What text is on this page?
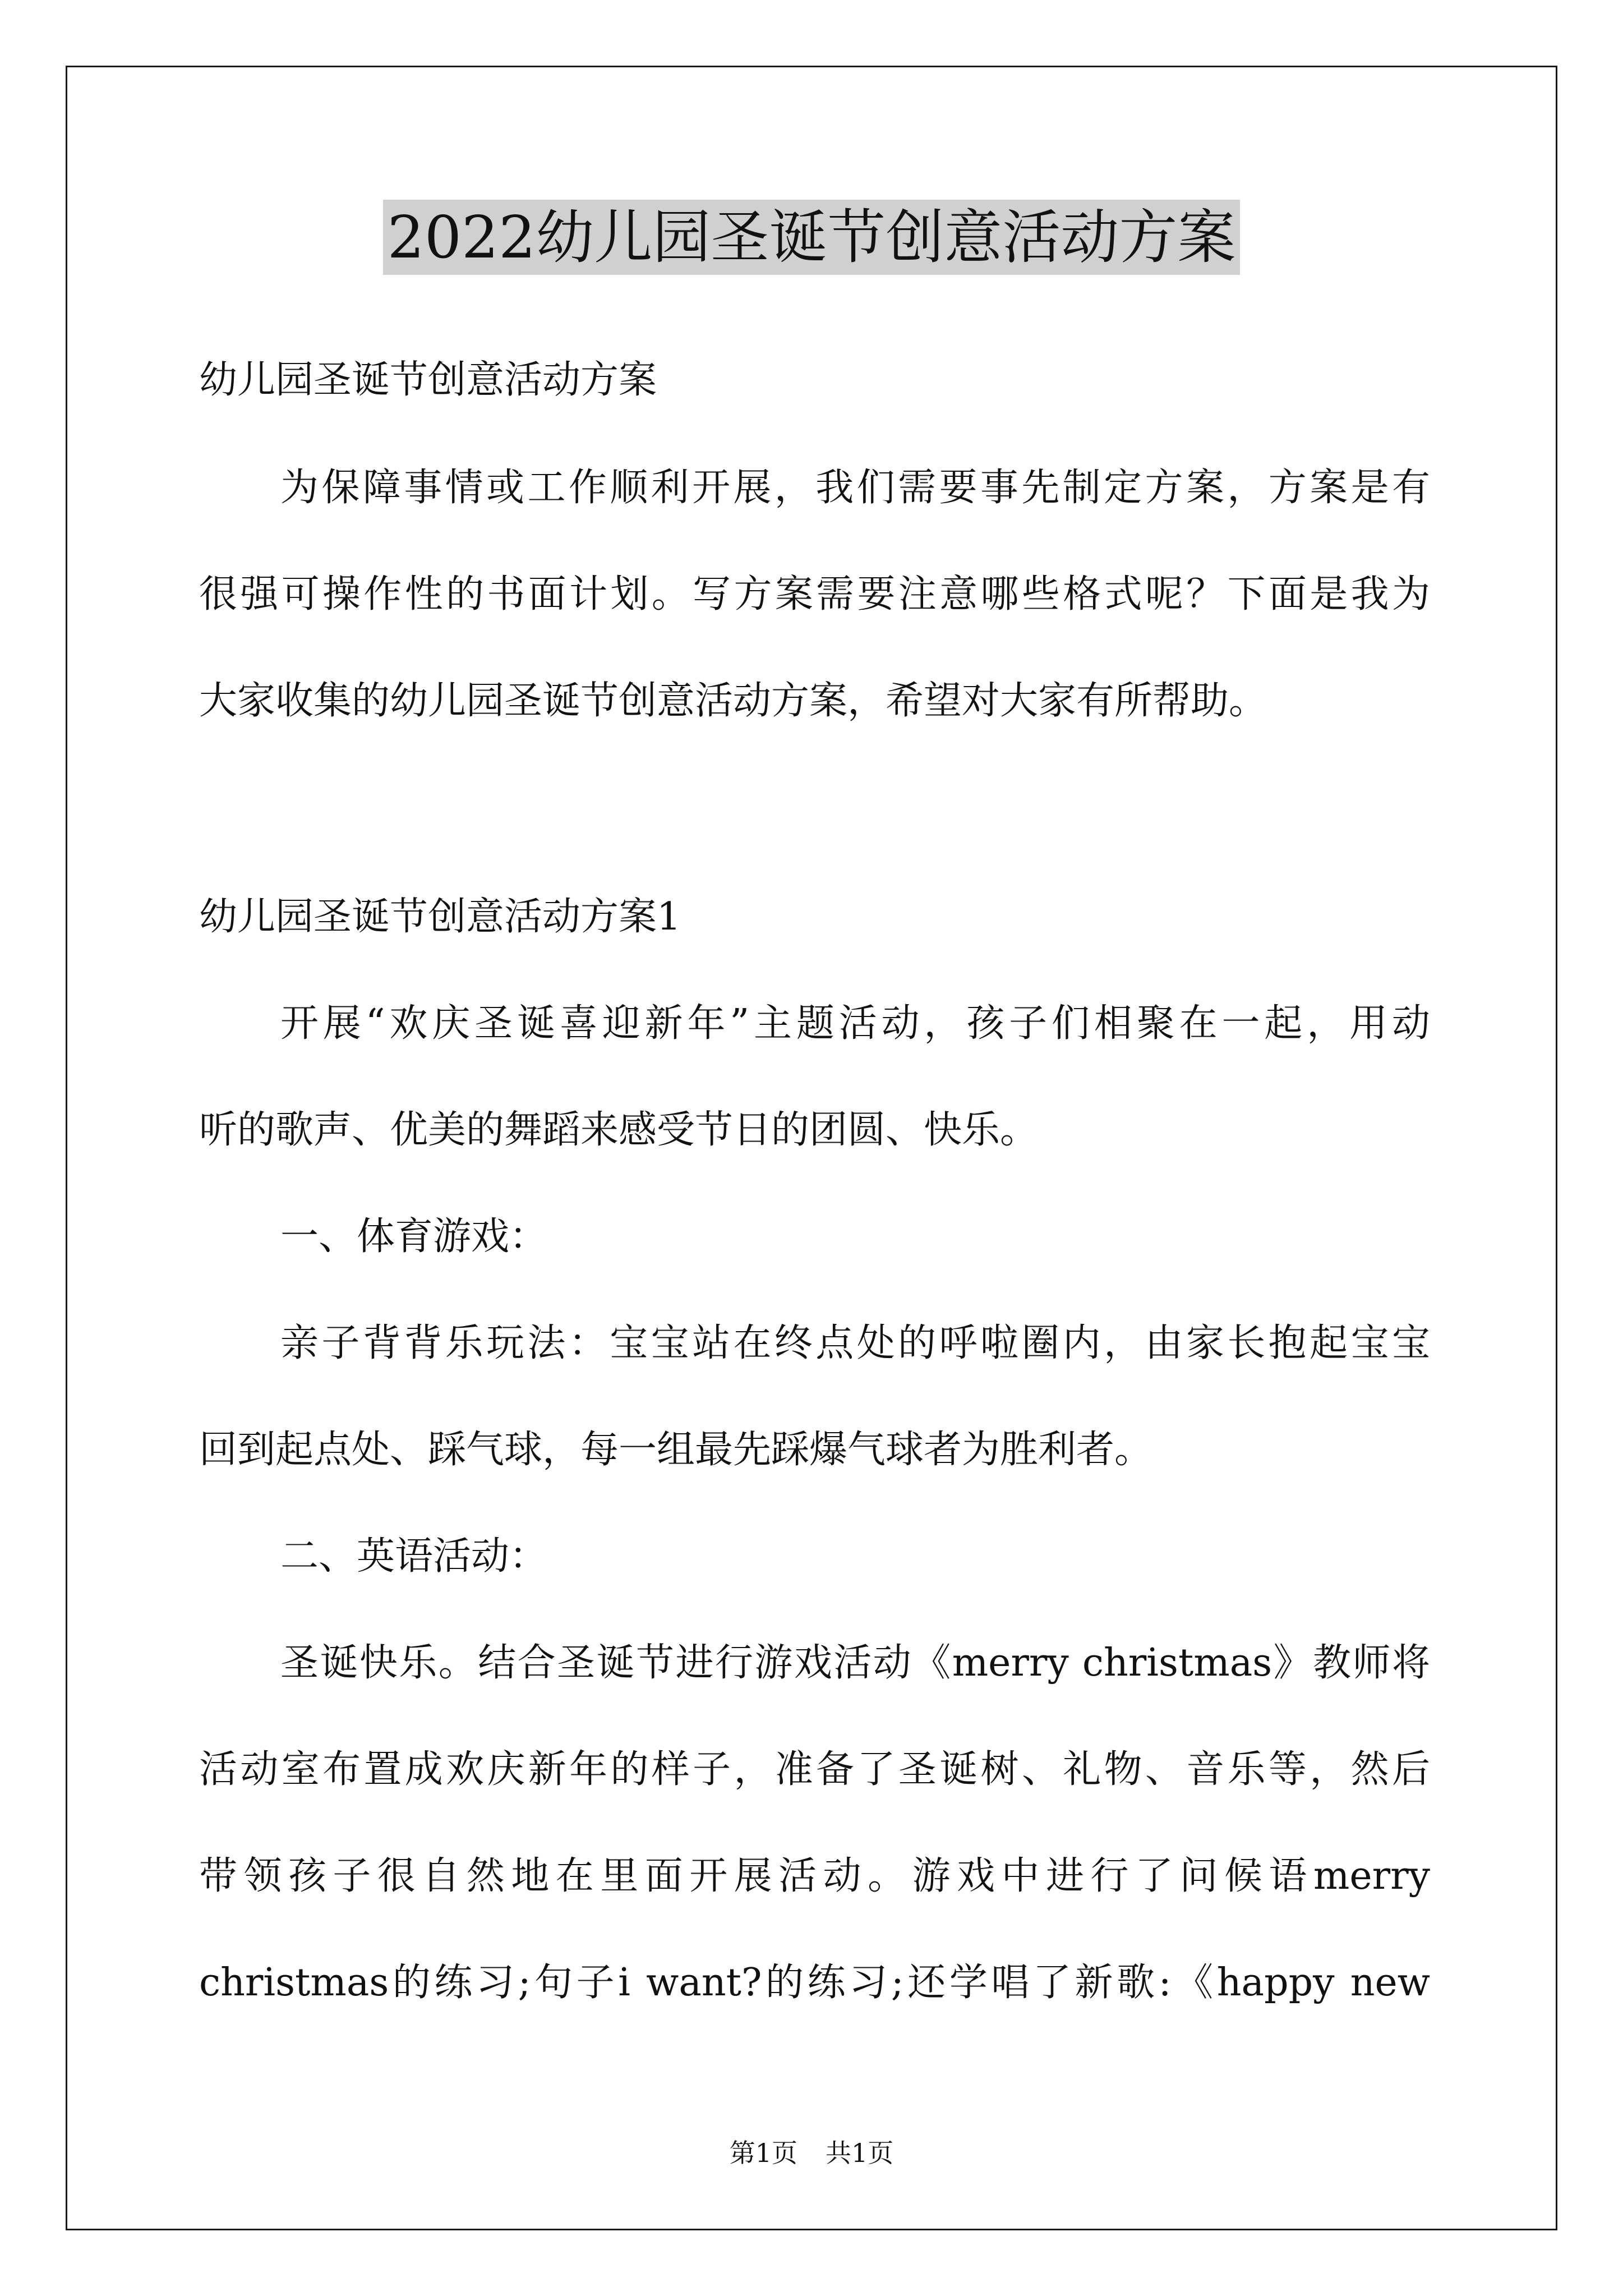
2022幼儿园圣诞节创意活动方案

幼儿园圣诞节创意活动方案

为保障事情或工作顺利开展，我们需要事先制定方案，方案是有

很强可操作性的书面计划。写方案需要注意哪些格式呢？下面是我为

大家收集的幼儿园圣诞节创意活动方案，希望对大家有所帮助。

幼儿园圣诞节创意活动方案1

开展“欢庆圣诞喜迎新年”主题活动，孩子们相聚在一起，用动

听的歌声、优美的舞蹈来感受节日的团圆、快乐。

一、体育游戏：

亲子背背乐玩法：宝宝站在终点处的呼啦圈内，由家长抱起宝宝

回到起点处、踩气球，每一组最先踩爆气球者为胜利者。

二、英语活动：

圣诞快乐。结合圣诞节进行游戏活动《merry christmas》教师将

活动室布置成欢庆新年的样子，准备了圣诞树、礼物、音乐等，然后

带领孩子很自然地在里面开展活动。游戏中进行了问候语merry

christmas的练习;句子i want?的练习;还学唱了新歌:《happy new

第1页 共1页
